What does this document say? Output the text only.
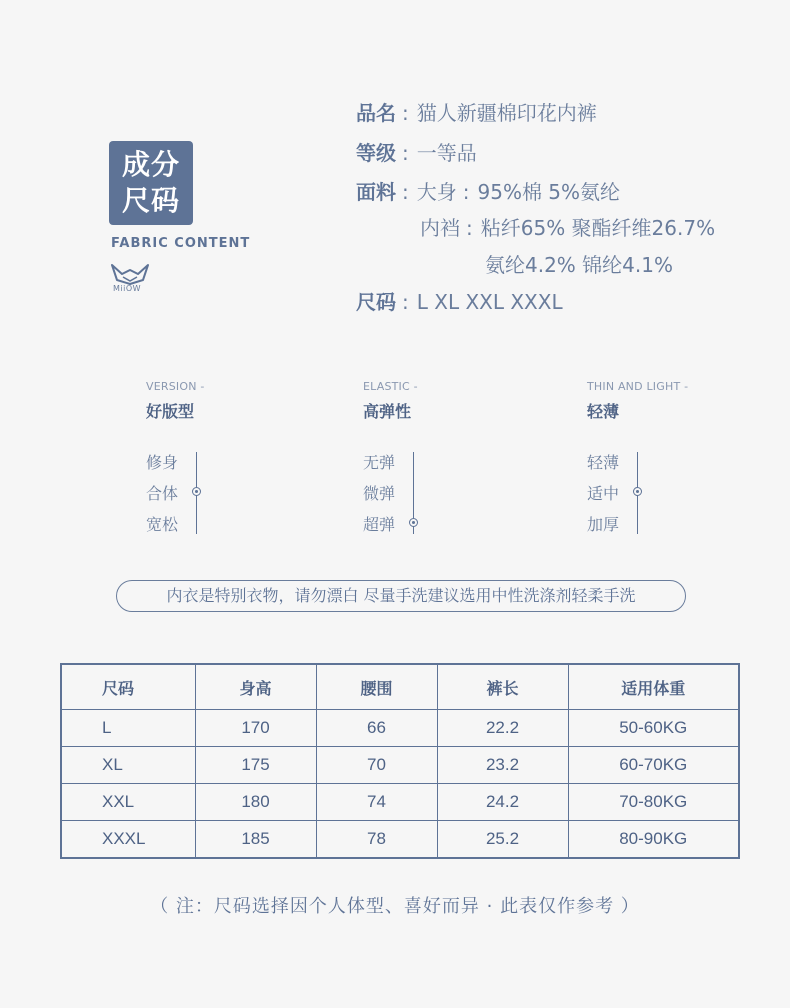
成分
尺码
FABRIC CONTENT
MiiOW
品名 : 猫人新疆棉印花内裤
等级 : 一等品
面料 : 大身 : 95%棉 5%氨纶
内裆 : 粘纤65% 聚酯纤维26.7%
氨纶4.2% 锦纶4.1%
尺码 : L XL XXL XXXL
VERSION -
好版型
ELASTIC -
高弹性
THIN AND LIGHT -
轻薄
修身
合体
宽松
无弹
微弹
超弹
轻薄
适中
加厚
内衣是特别衣物，请勿漂白 尽量手洗建议选用中性洗涤剂轻柔手洗
尺码	身高	腰围	裤长	适用体重
L	170	66	22.2	50-60KG
XL	175	70	23.2	60-70KG
XXL	180	74	24.2	70-80KG
XXXL	185	78	25.2	80-90KG
（ 注：尺码选择因个人体型、喜好而异 · 此表仅作参考 ）
